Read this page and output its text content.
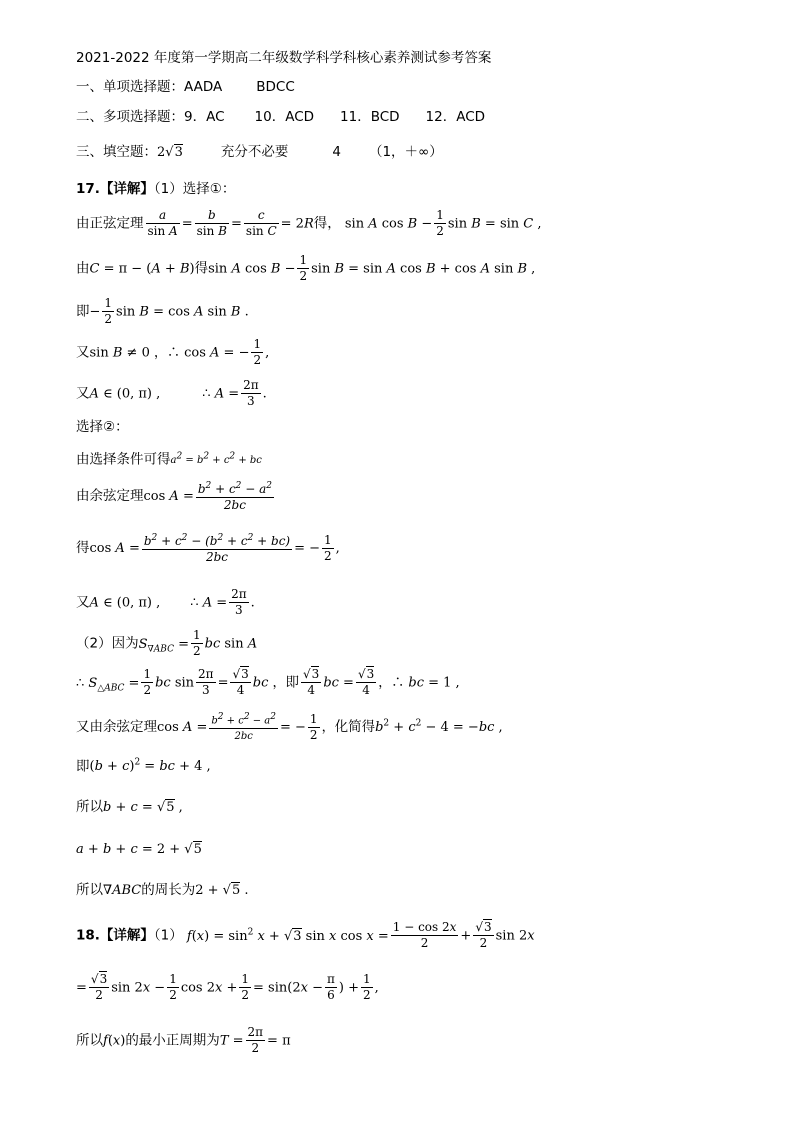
2021-2022 年度第一学期高二年级数学科学科核心素养测试参考答案
一、单项选择题：AADA	BDCC
二、多项选择题：9．AC 10．ACD 11．BCD 12．ACD
三、填空题：2√3	充分不必要	4 （1，＋∞）
17.【详解】（1）选择①：
由正弦定理 $\frac{a}{\text{sin A}} = \frac{b}{\text{sin B}} = \frac{c}{\text{sin C}} = 2R$得， sin A $\cos B - \frac{1}{2}$ sin B = sin C ,
由C = π − (A + B)得sin A $\cos B - \frac{1}{2}$ sin B = sin A cos B + cos A sin B ,
即− $\frac{1}{2}$ sin B = cos A sin B .
又sin B ≠ 0 ，∴ cos A = − $\frac{1}{2}$ ,
又A ∈ (0, π) ,	∴ $A = \frac{2\pi}{3}$ .
选择②：
由选择条件可得$a^2 = b^2 + c^2$ + bc
由余弦定理$\cos A = \frac{b^2 + c^2 - a^2}{2bc}$
得$\cos A = \frac{b^2 + c^2 - (b^2 + c^2 + bc)}{2bc}$ = − $\frac{1}{2}$ ,
又A ∈ (0, π) , ∴ $A = \frac{2\pi}{3}$ .
（2）因为$S_{\nabla ABC} = \frac{1}{2}$ bc sin A
∴ $S_{\triangle ABC} = \frac{1}{2}$ bc $\sin \frac{2\pi}{3} = \frac{√3}{4}$ bc ，即 $\frac{√3}{4}$ bc = $\frac{√3}{4}$ ，∴ bc = 1 ,
又由余弦定理$\cos A = \frac{b^2 + c^2 - a^2}{2bc}$ = − $\frac{1}{2}$ ，化简得$b^2 + c^2 - 4 = -bc$ ,
即$(b + c)^2$ = bc + 4 ,
所以b + c = √5 ,
a + b + c = 2 + √5
所以∇ABC的周长为2 + √5 .
18.【详解】（1） $f(x) = \sin^2 x + √3$ sin x $\cos x = \frac{1 - \cos 2x}{2} + \frac{√3}{2}$ sin 2x
= $\frac{√3}{2}$ $\sin 2x - \frac{1}{2}$ $\cos 2x + \frac{1}{2} = \sin(2x - \frac{\pi}{6}$ ) + $\frac{1}{2}$ ,
所以f(x)的最小正周期为$T = \frac{2\pi}{2} = \pi$
